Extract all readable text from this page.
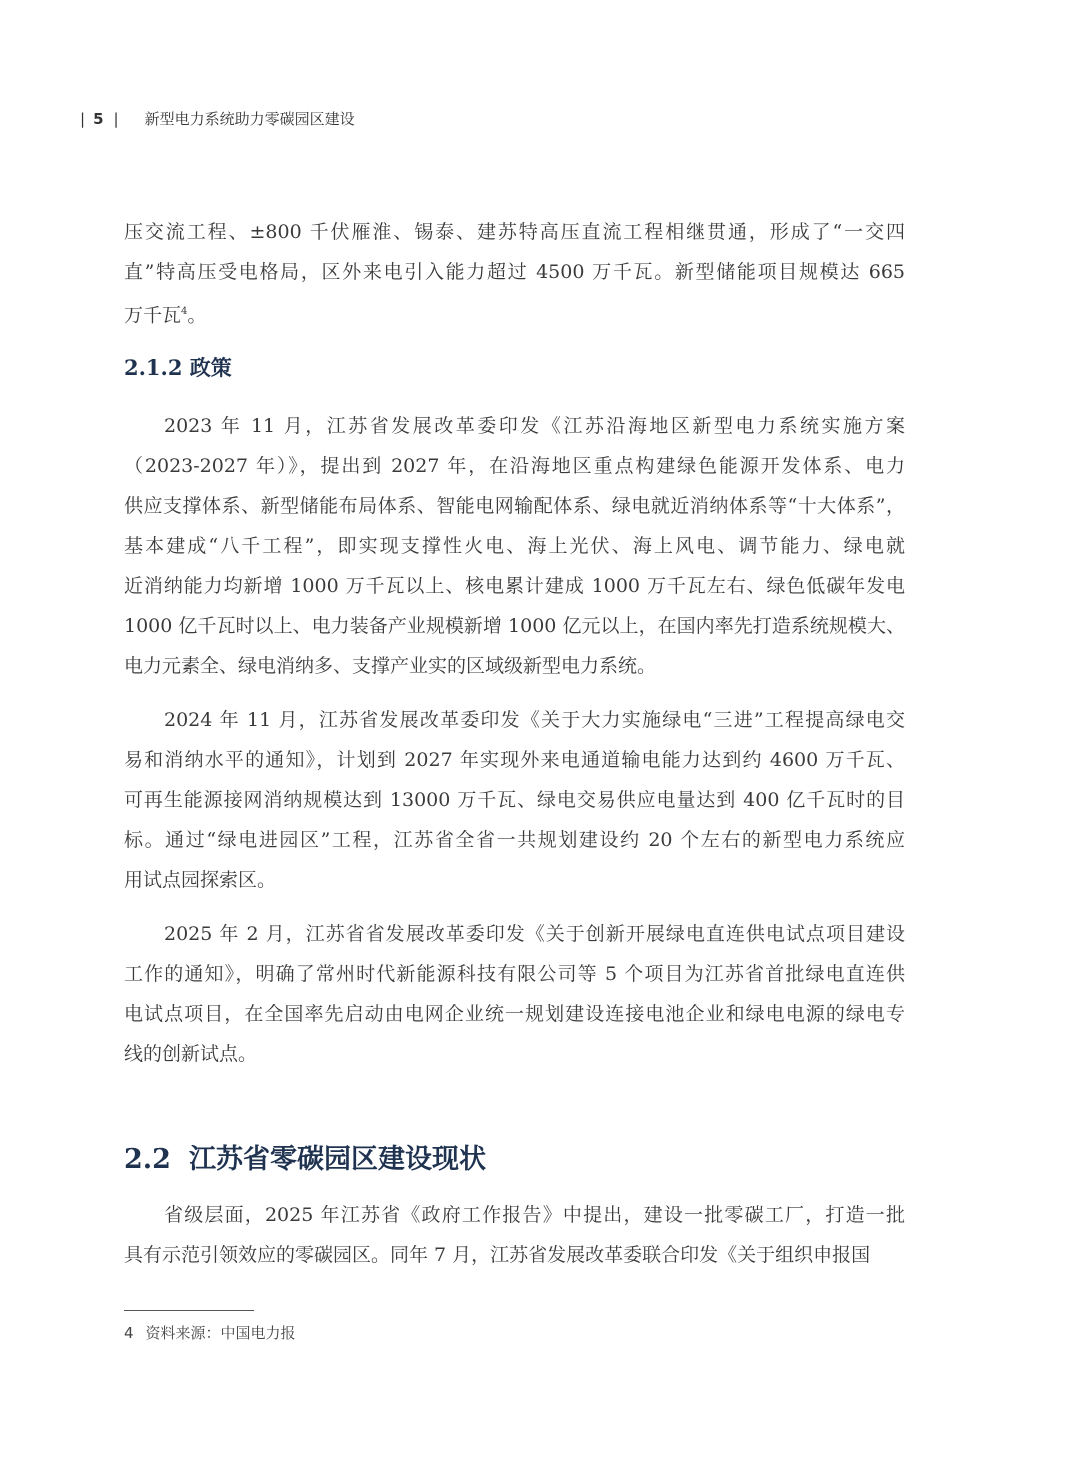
| 5 | 新型电力系统助力零碳园区建设
压交流工程、±800 千伏雁淮、锡泰、建苏特高压直流工程相继贯通，形成了“一交四
直”特高压受电格局，区外来电引入能力超过 4500 万千瓦。新型储能项目规模达 665
万千瓦$^4$。
2023 年 11 月，江苏省发展改革委印发《江苏沿海地区新型电力系统实施方案
（2023-2027 年）》，提出到 2027 年，在沿海地区重点构建绿色能源开发体系、电力
供应支撑体系、新型储能布局体系、智能电网输配体系、绿电就近消纳体系等“十大体系”，
基本建成“八千工程”，即实现支撑性火电、海上光伏、海上风电、调节能力、绿电就
近消纳能力均新增 1000 万千瓦以上、核电累计建成 1000 万千瓦左右、绿色低碳年发电
1000 亿千瓦时以上、电力装备产业规模新增 1000 亿元以上，在国内率先打造系统规模大、
电力元素全、绿电消纳多、支撑产业实的区域级新型电力系统。
2024 年 11 月，江苏省发展改革委印发《关于大力实施绿电“三进”工程提高绿电交
易和消纳水平的通知》，计划到 2027 年实现外来电通道输电能力达到约 4600 万千瓦、
可再生能源接网消纳规模达到 13000 万千瓦、绿电交易供应电量达到 400 亿千瓦时的目
标。通过“绿电进园区”工程，江苏省全省一共规划建设约 20 个左右的新型电力系统应
用试点园探索区。
2025 年 2 月，江苏省省发展改革委印发《关于创新开展绿电直连供电试点项目建设
工作的通知》，明确了常州时代新能源科技有限公司等 5 个项目为江苏省首批绿电直连供
电试点项目，在全国率先启动由电网企业统一规划建设连接电池企业和绿电电源的绿电专
线的创新试点。
省级层面，2025 年江苏省《政府工作报告》中提出，建设一批零碳工厂，打造一批
具有示范引领效应的零碳园区。同年 7 月，江苏省发展改革委联合印发《关于组织申报国
2.1.2 政策
2.2 江苏省零碳园区建设现状
4 资料来源：中国电力报
